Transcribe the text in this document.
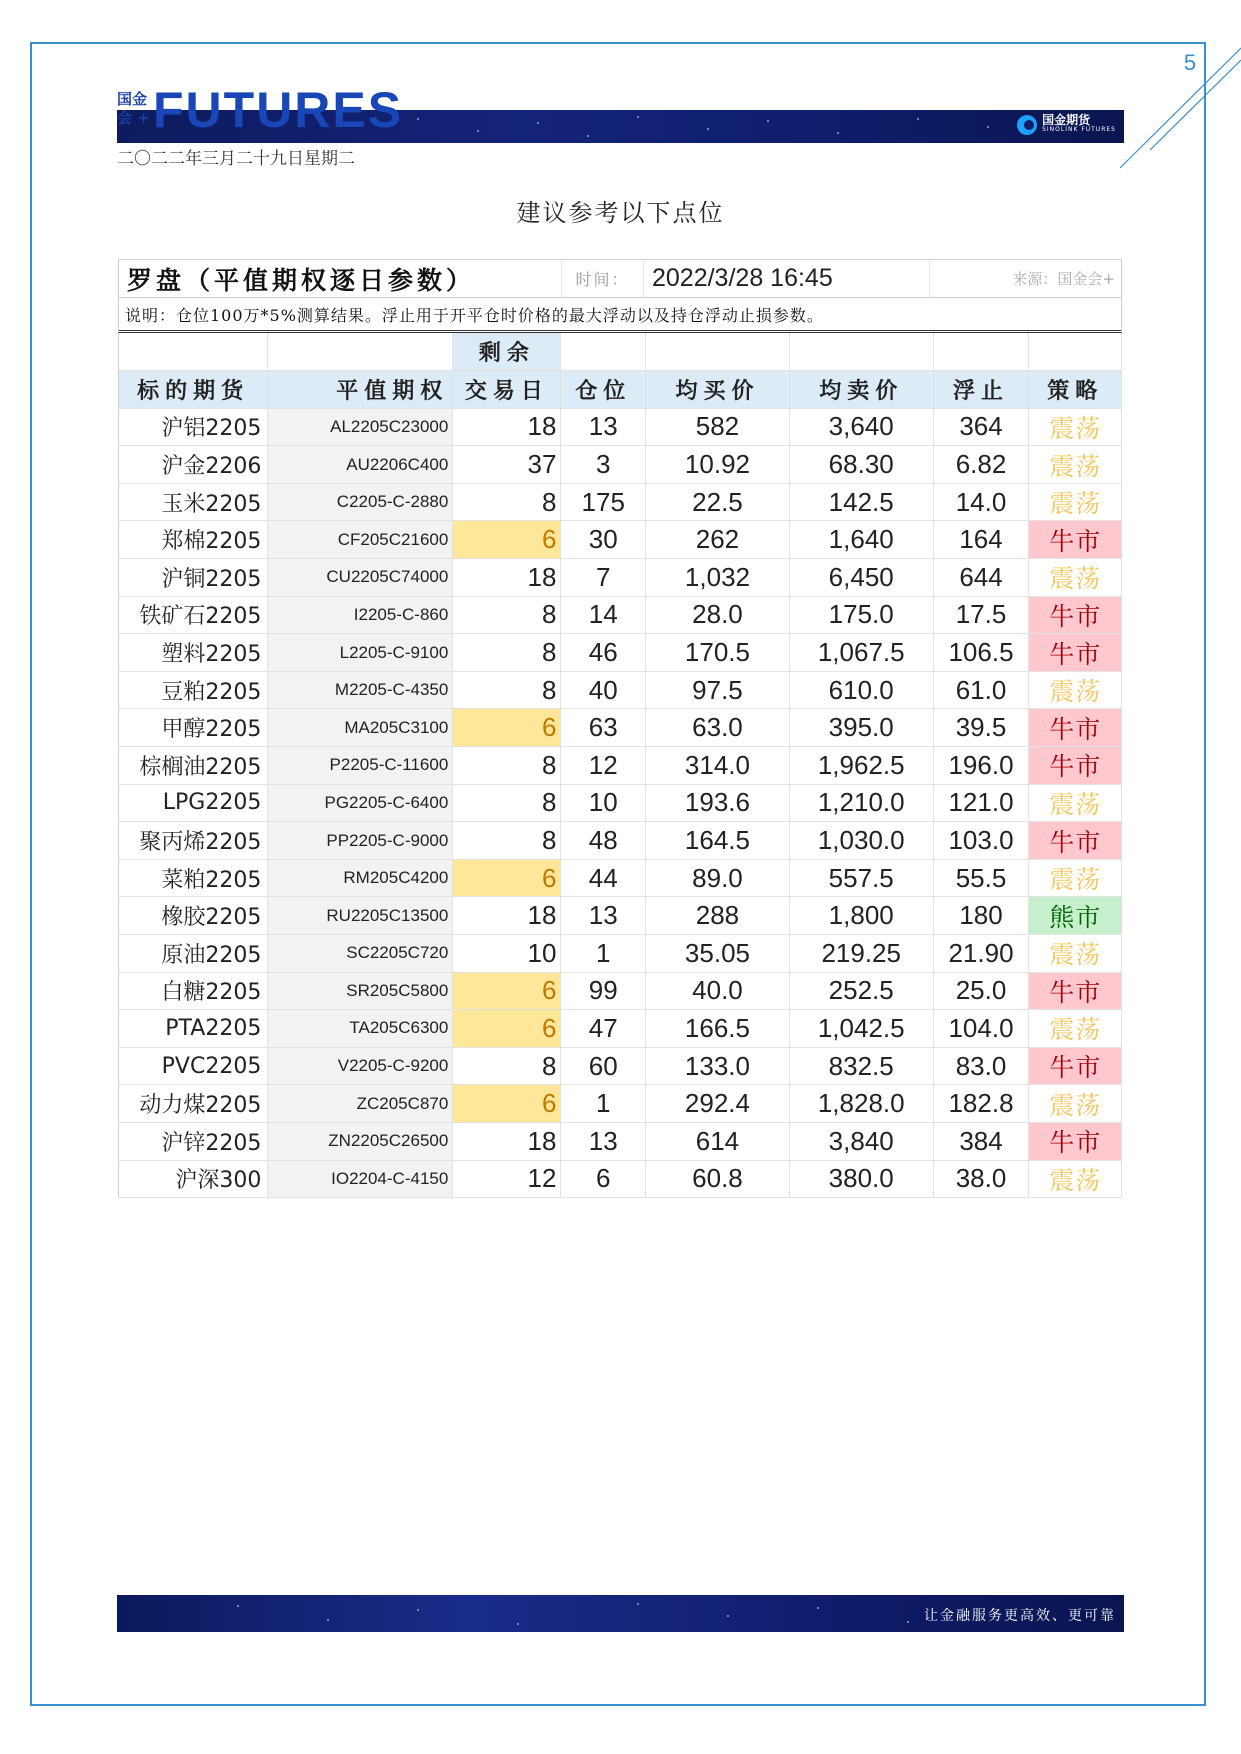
5
国金期货
SINOLINK FUTURES
国金
会 + FUTURES
二〇二二年三月二十九日星期二
建议参考以下点位
罗盘（平值期权逐日参数）	时间： 2022/3/28 16:45	来源：国金会+
说明：仓位100万*5%测算结果。浮止用于开平仓时价格的最大浮动以及持仓浮动止损参数。
		剩余					
标的期货	平值期权	交易日	仓位	均买价	均卖价	浮止	策略
沪铝2205	AL2205C23000	18	13	582	3,640	364	震荡
沪金2206	AU2206C400	37	3	10.92	68.30	6.82	震荡
玉米2205	C2205-C-2880	8	175	22.5	142.5	14.0	震荡
郑棉2205	CF205C21600	6	30	262	1,640	164	牛市
沪铜2205	CU2205C74000	18	7	1,032	6,450	644	震荡
铁矿石2205	I2205-C-860	8	14	28.0	175.0	17.5	牛市
塑料2205	L2205-C-9100	8	46	170.5	1,067.5	106.5	牛市
豆粕2205	M2205-C-4350	8	40	97.5	610.0	61.0	震荡
甲醇2205	MA205C3100	6	63	63.0	395.0	39.5	牛市
棕榈油2205	P2205-C-11600	8	12	314.0	1,962.5	196.0	牛市
LPG2205	PG2205-C-6400	8	10	193.6	1,210.0	121.0	震荡
聚丙烯2205	PP2205-C-9000	8	48	164.5	1,030.0	103.0	牛市
菜粕2205	RM205C4200	6	44	89.0	557.5	55.5	震荡
橡胶2205	RU2205C13500	18	13	288	1,800	180	熊市
原油2205	SC2205C720	10	1	35.05	219.25	21.90	震荡
白糖2205	SR205C5800	6	99	40.0	252.5	25.0	牛市
PTA2205	TA205C6300	6	47	166.5	1,042.5	104.0	震荡
PVC2205	V2205-C-9200	8	60	133.0	832.5	83.0	牛市
动力煤2205	ZC205C870	6	1	292.4	1,828.0	182.8	震荡
沪锌2205	ZN2205C26500	18	13	614	3,840	384	牛市
沪深300	IO2204-C-4150	12	6	60.8	380.0	38.0	震荡
让金融服务更高效、更可靠
